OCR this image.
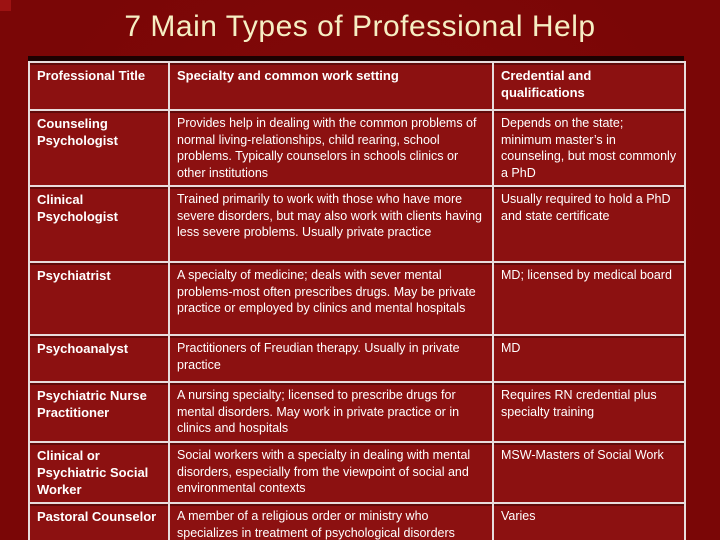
7 Main Types of Professional Help
Professional Title	Specialty and common work setting	Credential and qualifications
Counseling Psychologist	Provides help in dealing with the common problems of normal living-relationships, child rearing, school problems. Typically counselors in schools clinics or other institutions	Depends on the state; minimum master’s in counseling, but most commonly a PhD
Clinical Psychologist	Trained primarily to work with those who have more severe disorders, but may also work with clients having less severe problems. Usually private practice	Usually required to hold a PhD and state certificate
Psychiatrist	A specialty of medicine; deals with sever mental problems-most often prescribes drugs. May be private practice or employed by clinics and mental hospitals	MD; licensed by medical board
Psychoanalyst	Practitioners of Freudian therapy. Usually in private practice	MD
Psychiatric Nurse Practitioner	A nursing specialty; licensed to prescribe drugs for mental disorders. May work in private practice or in clinics and hospitals	Requires RN credential plus specialty training
Clinical or Psychiatric Social Worker	Social workers with a specialty in dealing with mental disorders, especially from the viewpoint of social and environmental contexts	MSW-Masters of Social Work
Pastoral Counselor	A member of a religious order or ministry who specializes in treatment of psychological disorders	Varies
